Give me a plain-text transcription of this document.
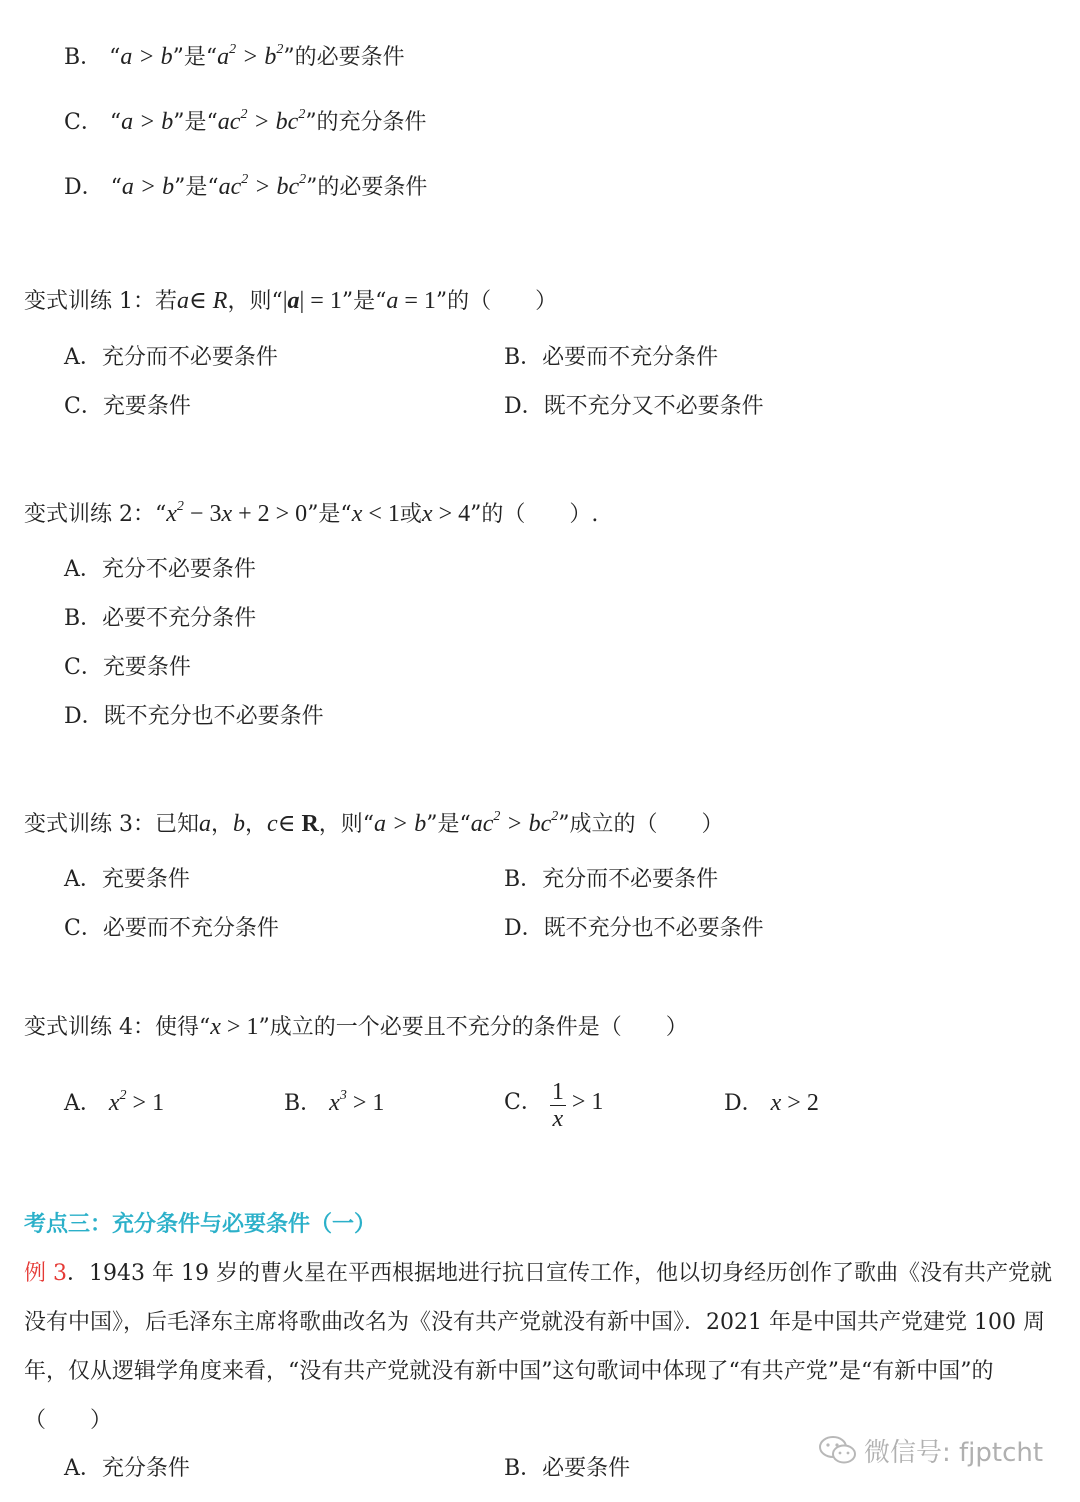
B． “a > b”是“$a^2 > b^2$”的必要条件
C． “a > b”是“$ac^2 > bc^2$”的充分条件
D． “a > b”是“$ac^2 > bc^2$”的必要条件
变式训练 1：若a∈ R，则“|a| = 1”是“a = 1”的（　　）
A．充分而不必要条件	B．必要而不充分条件
C．充要条件	D．既不充分又不必要条件
变式训练 2：“$x^2 - 3x + 2 > 0$”是“x < 1或x > 4”的（　　）.
A．充分不必要条件
B．必要不充分条件
C．充要条件
D．既不充分也不必要条件
变式训练 3：已知a，b，c∈ R，则“a > b”是“$ac^2 > bc^2$”成立的（　　）
A．充要条件	B．充分而不必要条件
C．必要而不充分条件	D．既不充分也不必要条件
变式训练 4：使得“x > 1”成立的一个必要且不充分的条件是（　　）
A． $x^2 > 1$	B． $x^3 > 1$	C． $\frac{1}{x} > 1$	D． x > 2
考点三：充分条件与必要条件（一）
例 3．1943 年 19 岁的曹火星在平西根据地进行抗日宣传工作，他以切身经历创作了歌曲《没有共产党就没有中国》，后毛泽东主席将歌曲改名为《没有共产党就没有新中国》．2021 年是中国共产党建党 100 周年，仅从逻辑学角度来看，“没有共产党就没有新中国”这句歌词中体现了“有共产党”是“有新中国”的（　　）
A．充分条件	B．必要条件
微信号: fjptcht
